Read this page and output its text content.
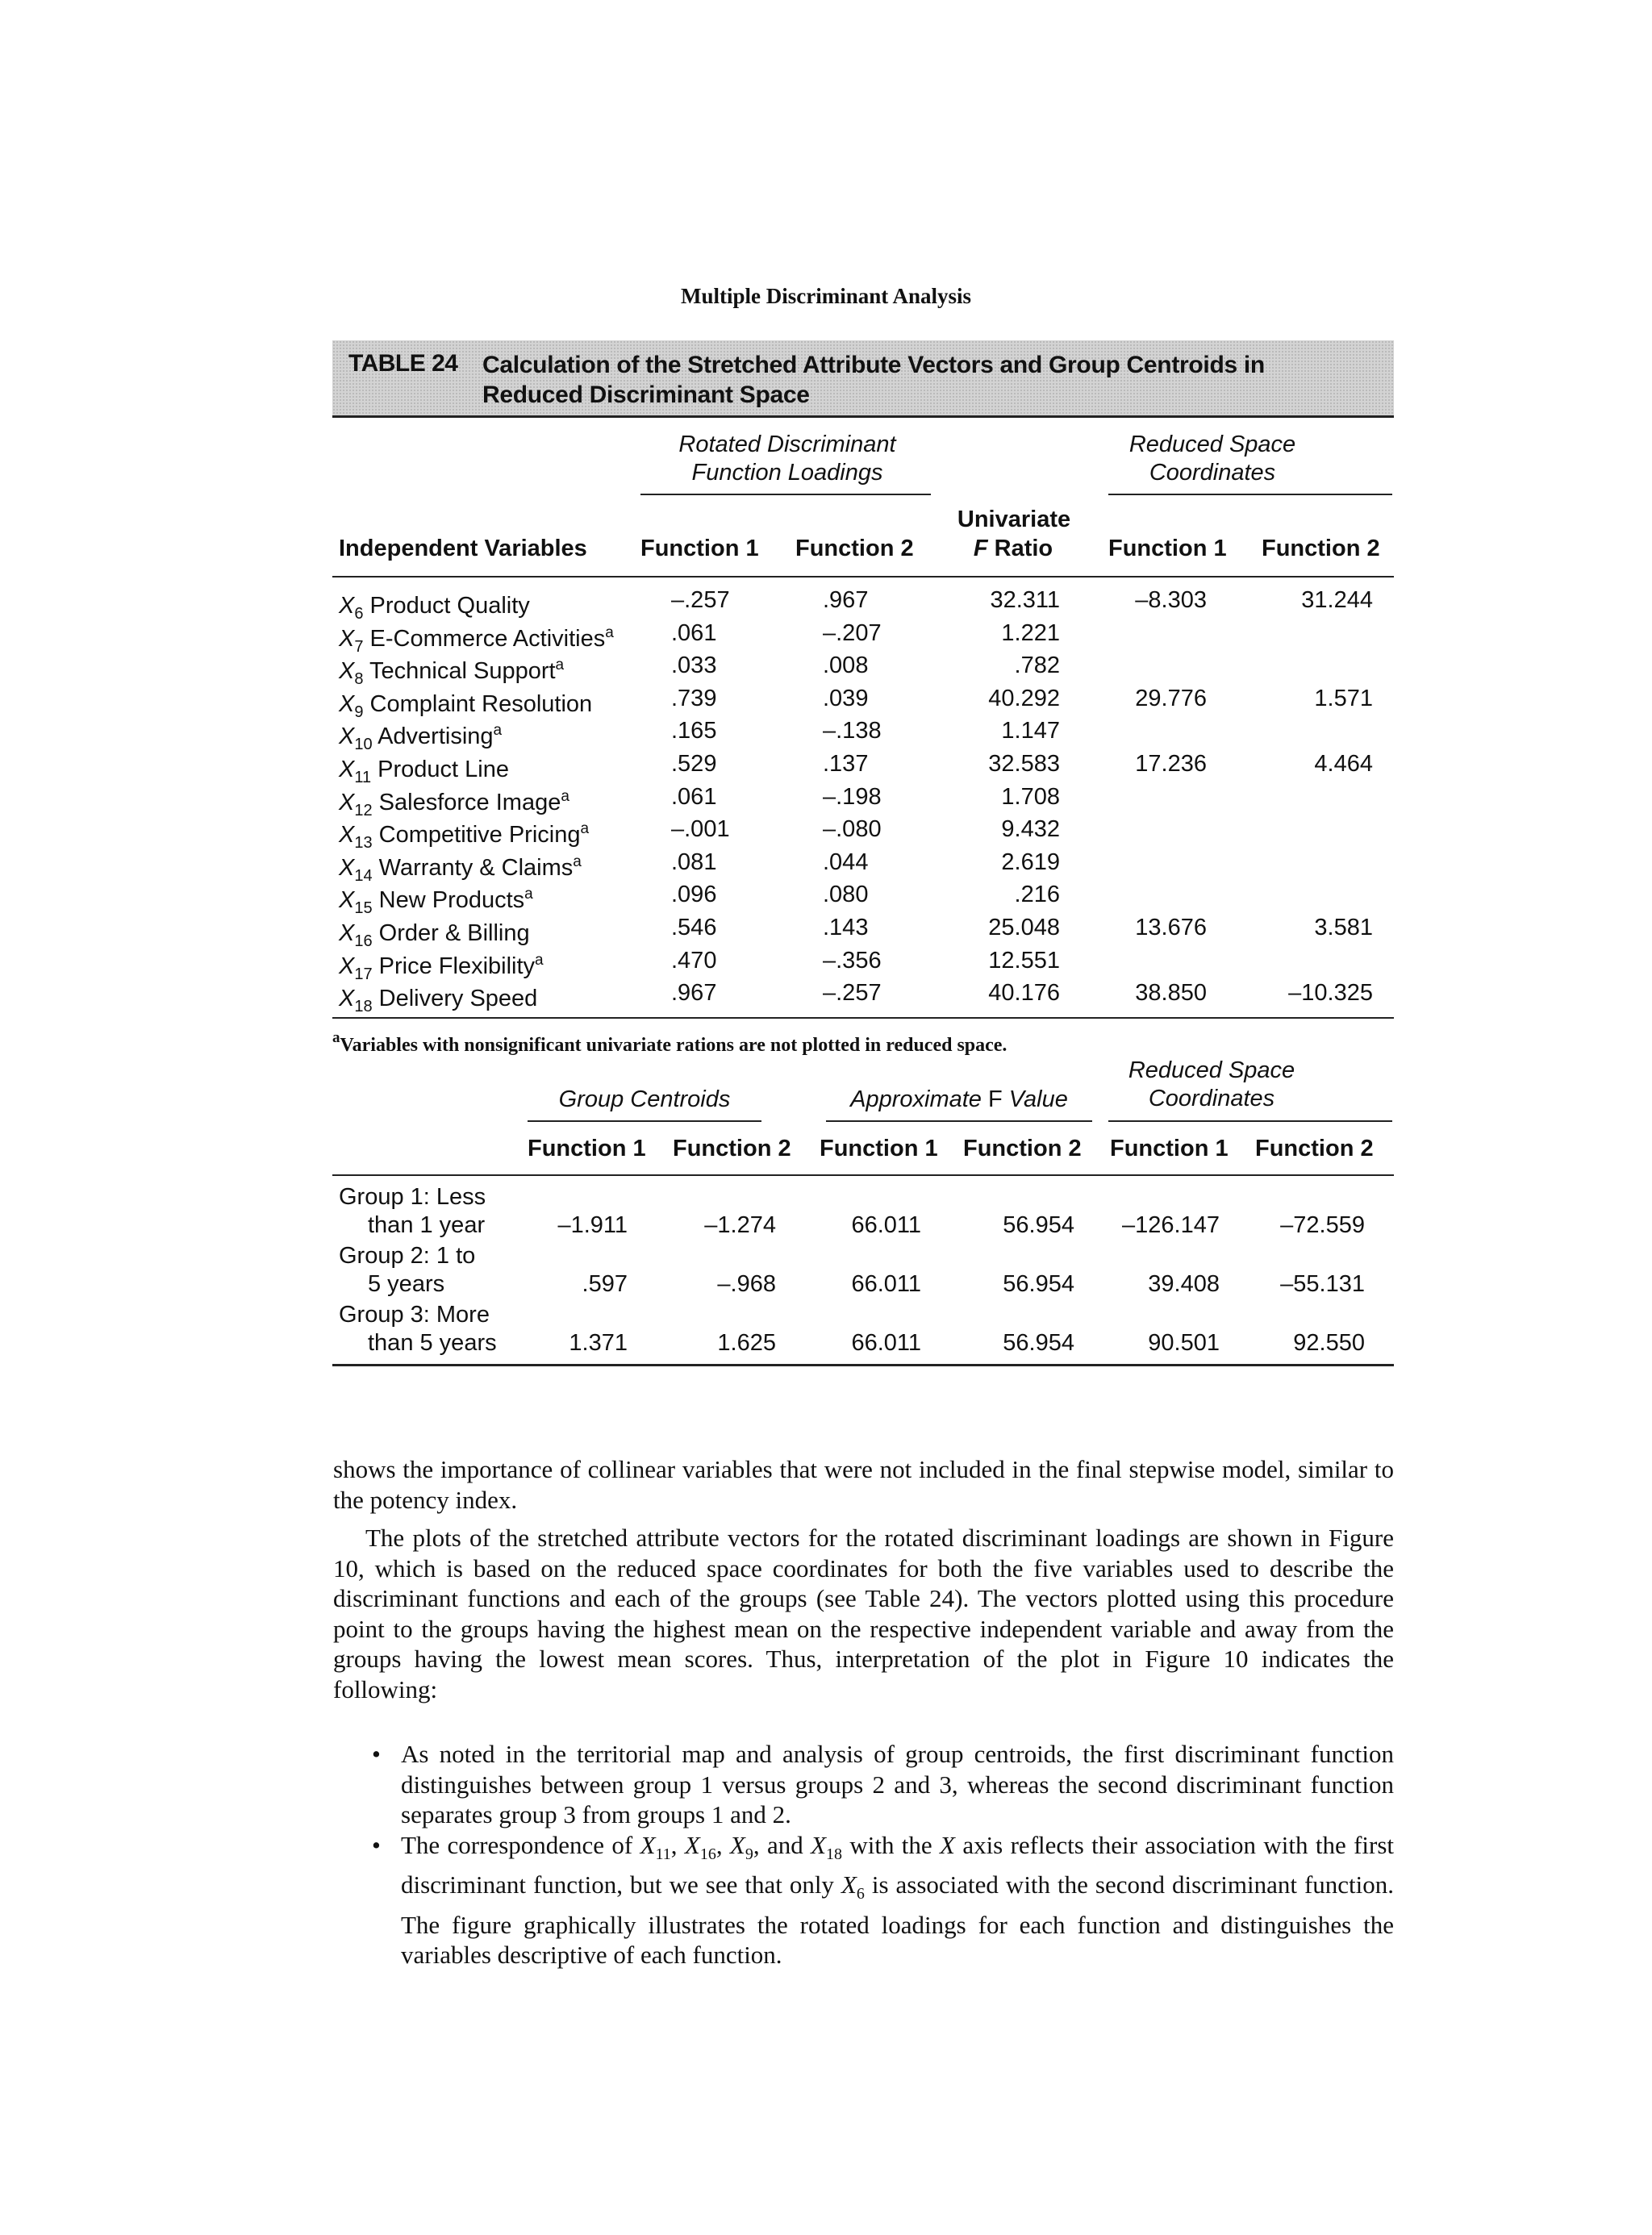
Multiple Discriminant Analysis
TABLE 24 Calculation of the Stretched Attribute Vectors and Group Centroids in Reduced Discriminant Space
Rotated Discriminant Function Loadings
Reduced Space Coordinates
Univariate
Independent Variables Function 1 Function 2	F Ratio	Function 1 Function 2
$X_6$ Product Quality	–.257	.967	32.311	–8.303	31.244
$X_7$ E-Commerce Activities$^a$ .061	–.207	1.221
$X_8$ Technical Support$^a$	.033	.008	.782
$X_9$ Complaint Resolution	.739	.039	40.292	29.776	1.571
$X_{10}$ Advertising$^a$	.165	–.138	1.147
$X_{11}$ Product Line	.529	.137	32.583	17.236	4.464
$X_{12}$ Salesforce Image$^a$	.061	–.198	1.708
$X_{13}$ Competitive Pricing$^a$	–.001	–.080	9.432
$X_{14}$ Warranty & Claims$^a$	.081	.044	2.619
$X_{15}$ New Products$^a$	.096	.080	.216
$X_{16}$ Order & Billing	.546	.143	25.048	13.676	3.581
$X_{17}$ Price Flexibility$^a$	.470	–.356	12.551
$X_{18}$ Delivery Speed	.967	–.257	40.176	38.850	–10.325
$^a$Variables with nonsignificant univariate rations are not plotted in reduced space.
Reduced Space Coordinates
Group Centroids	Approximate F Value
Function 1 Function 2 Function 1 Function 2 Function 1 Function 2
Group 1: Less
than 1 year	–1.911	–1.274	66.011	56.954	–126.147	–72.559
Group 2: 1 to
5 years	.597	–.968	66.011	56.954	39.408	–55.131
Group 3: More
than 5 years	1.371	1.625	66.011	56.954	90.501	92.550
shows the importance of collinear variables that were not included in the final stepwise model, similar to the potency index.
The plots of the stretched attribute vectors for the rotated discriminant loadings are shown in Figure 10, which is based on the reduced space coordinates for both the five variables used to describe the discriminant functions and each of the groups (see Table 24). The vectors plotted using this procedure point to the groups having the highest mean on the respective independent variable and away from the groups having the lowest mean scores. Thus, interpretation of the plot in Figure 10 indicates the following:
• As noted in the territorial map and analysis of group centroids, the first discriminant function distinguishes between group 1 versus groups 2 and 3, whereas the second discriminant function separates group 3 from groups 1 and 2.
• The correspondence of $X_{11}$, $X_{16}$, $X_9$, and $X_{18}$ with the X axis reflects their association with the first discriminant function, but we see that only $X_6$ is associated with the second discriminant function. The figure graphically illustrates the rotated loadings for each function and distinguishes the variables descriptive of each function.
